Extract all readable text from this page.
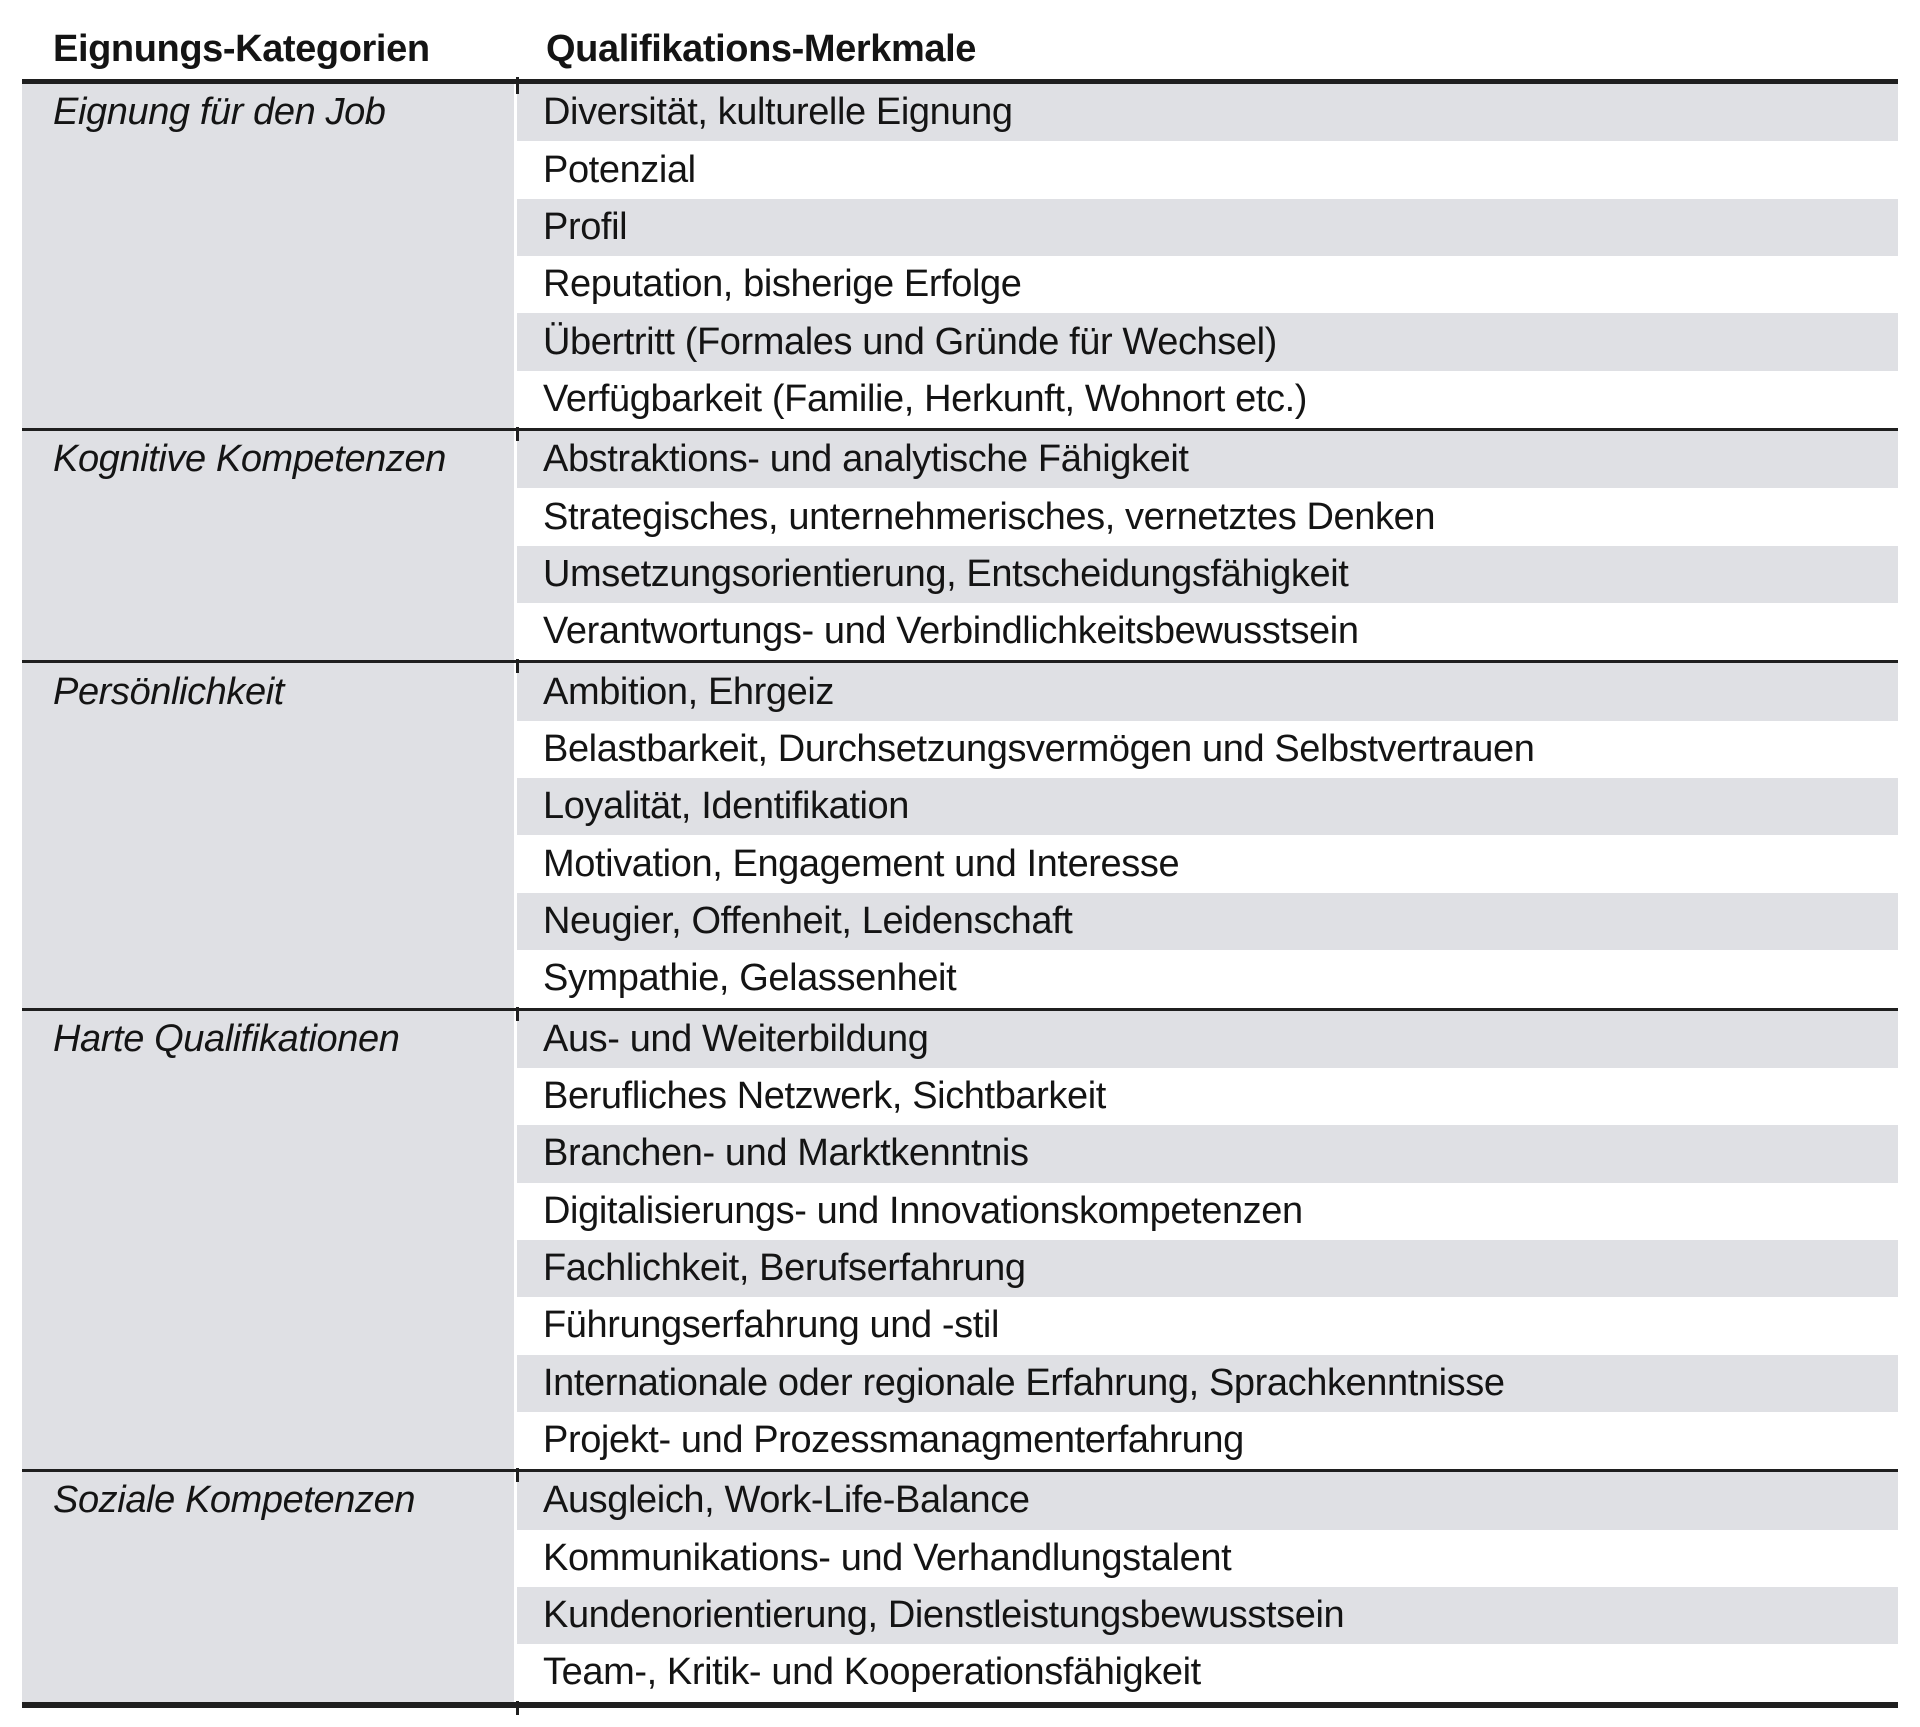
Eignungs-Kategorien	Qualifikations-Merkmale
Eignung für den Job	Diversität, kulturelle Eignung
Potenzial
Profil
Reputation, bisherige Erfolge
Übertritt (Formales und Gründe für Wechsel)
Verfügbarkeit (Familie, Herkunft, Wohnort etc.)
Kognitive Kompetenzen	Abstraktions- und analytische Fähigkeit
Strategisches, unternehmerisches, vernetztes Denken
Umsetzungsorientierung, Entscheidungsfähigkeit
Verantwortungs- und Verbindlichkeitsbewusstsein
Persönlichkeit	Ambition, Ehrgeiz
Belastbarkeit, Durchsetzungsvermögen und Selbstvertrauen
Loyalität, Identifikation
Motivation, Engagement und Interesse
Neugier, Offenheit, Leidenschaft
Sympathie, Gelassenheit
Harte Qualifikationen	Aus- und Weiterbildung
Berufliches Netzwerk, Sichtbarkeit
Branchen- und Marktkenntnis
Digitalisierungs- und Innovationskompetenzen
Fachlichkeit, Berufserfahrung
Führungserfahrung und -stil
Internationale oder regionale Erfahrung, Sprachkenntnisse
Projekt- und Prozessmanagmenterfahrung
Soziale Kompetenzen	Ausgleich, Work-Life-Balance
Kommunikations- und Verhandlungstalent
Kundenorientierung, Dienstleistungsbewusstsein
Team-, Kritik- und Kooperationsfähigkeit
